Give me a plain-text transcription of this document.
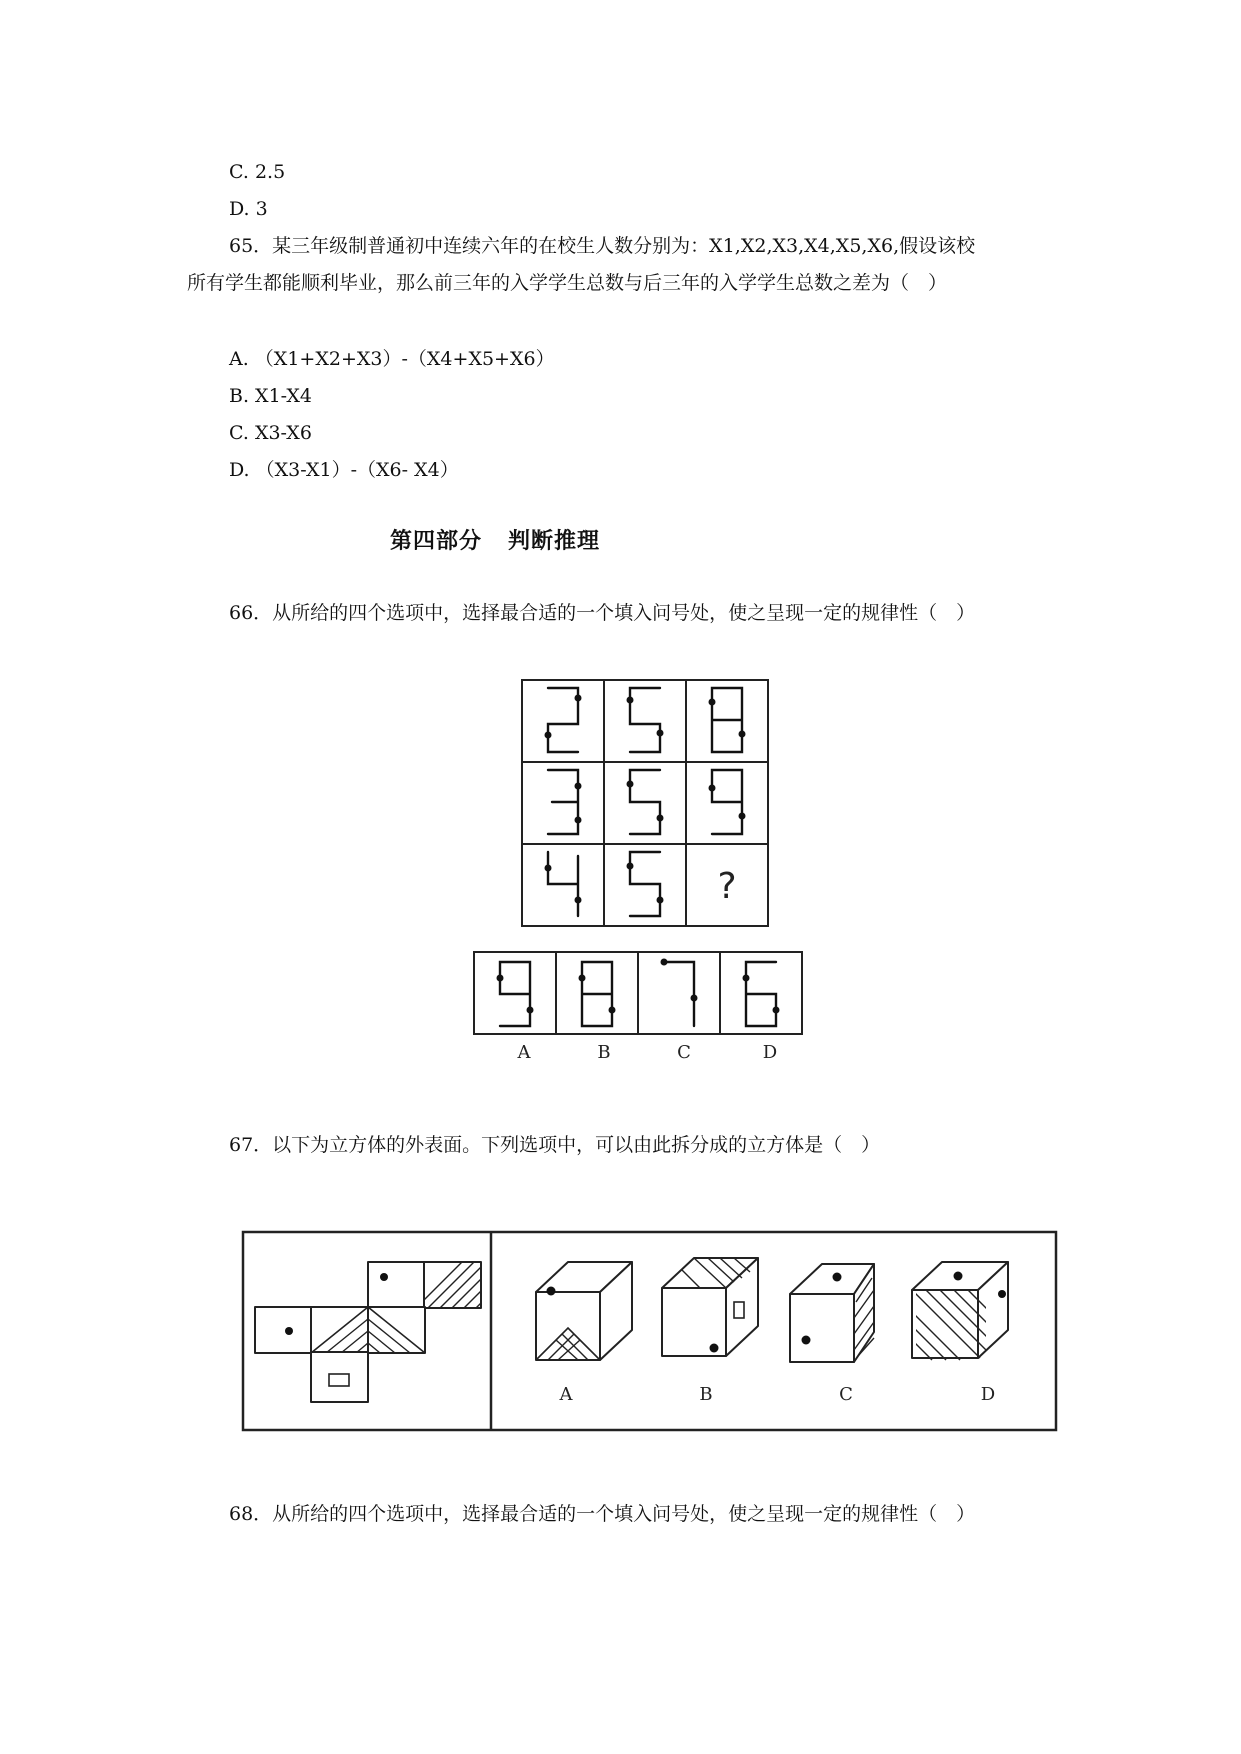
C. 2.5
D. 3
65．某三年级制普通初中连续六年的在校生人数分别为：X1,X2,X3,X4,X5,X6,假设该校
所有学生都能顺利毕业，那么前三年的入学学生总数与后三年的入学学生总数之差为（　）
A. （X1+X2+X3）-（X4+X5+X6）
B. X1-X4
C. X3-X6
D. （X3-X1）-（X6- X4）
第四部分 判断推理
66．从所给的四个选项中，选择最合适的一个填入问号处，使之呈现一定的规律性（　）
?
A	B	C	D
67．以下为立方体的外表面。下列选项中，可以由此拆分成的立方体是（　）
A	B	C	D
68．从所给的四个选项中，选择最合适的一个填入问号处，使之呈现一定的规律性（　）
